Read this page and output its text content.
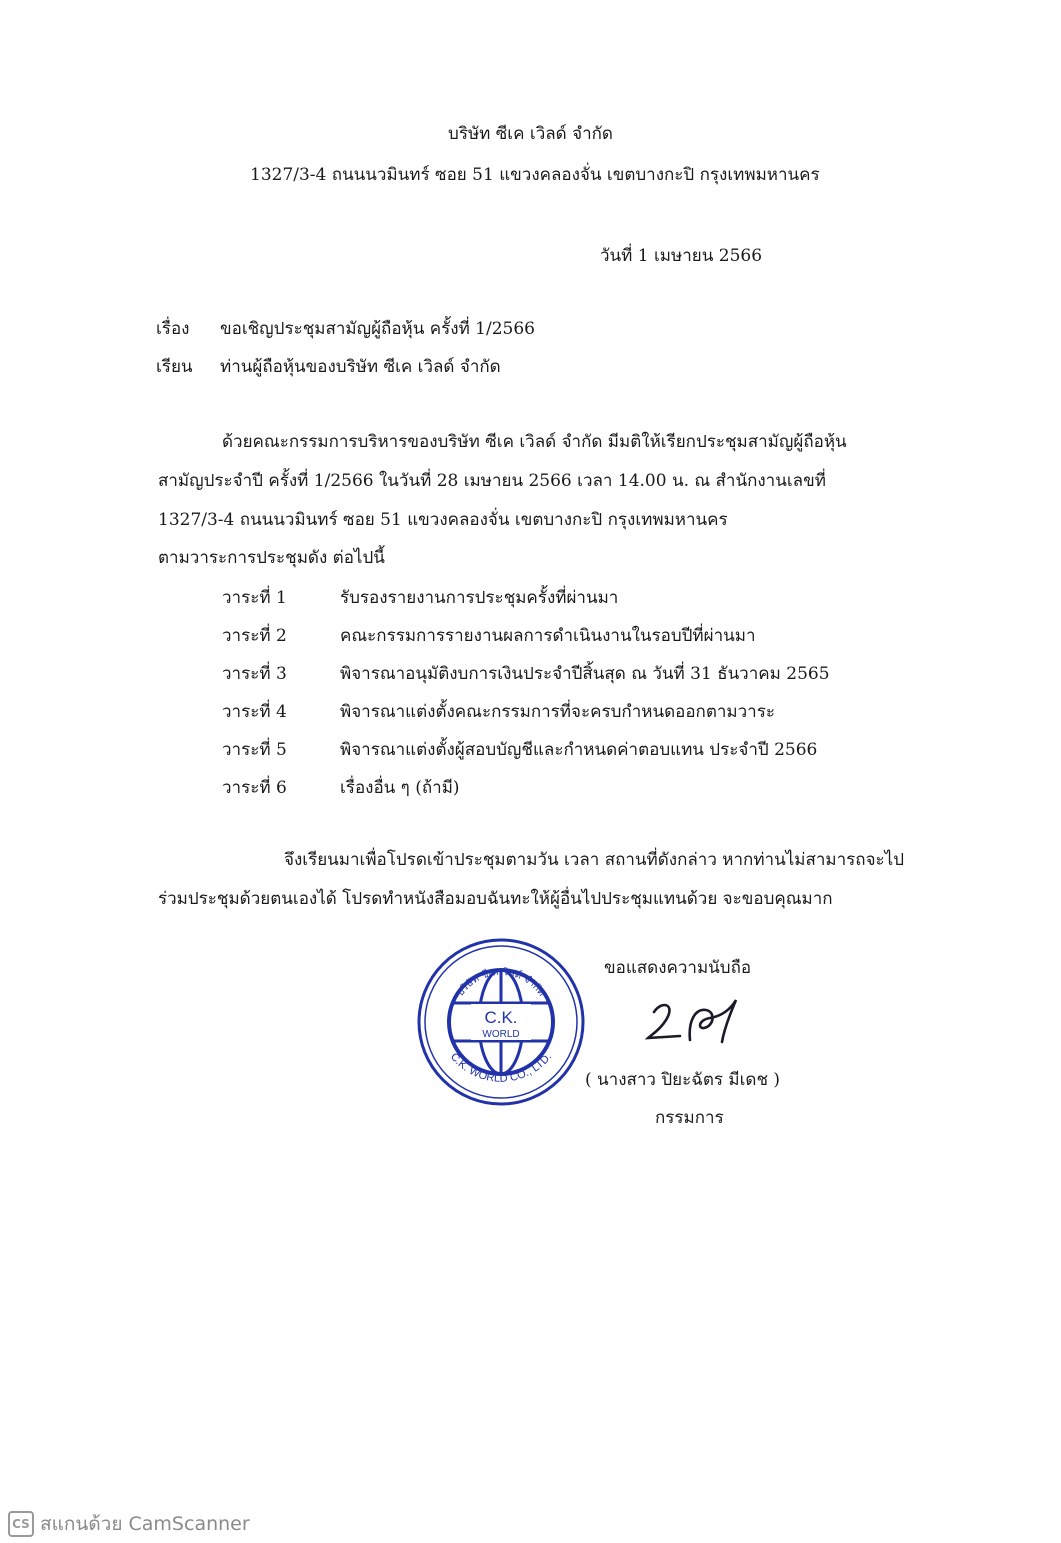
บริษัท ซีเค เวิลด์ จำกัด
1327/3-4 ถนนนวมินทร์ ซอย 51 แขวงคลองจั่น เขตบางกะปิ กรุงเทพมหานคร
วันที่ 1 เมษายน 2566
เรื่อง ขอเชิญประชุมสามัญผู้ถือหุ้น ครั้งที่ 1/2566
เรียน ท่านผู้ถือหุ้นของบริษัท ซีเค เวิลด์ จำกัด
ด้วยคณะกรรมการบริหารของบริษัท ซีเค เวิลด์ จำกัด มีมติให้เรียกประชุมสามัญผู้ถือหุ้น
สามัญประจำปี ครั้งที่ 1/2566 ในวันที่ 28 เมษายน 2566 เวลา 14.00 น. ณ สำนักงานเลขที่
1327/3-4 ถนนนวมินทร์ ซอย 51 แขวงคลองจั่น เขตบางกะปิ กรุงเทพมหานคร
ตามวาระการประชุมดัง ต่อไปนี้
วาระที่ 1	รับรองรายงานการประชุมครั้งที่ผ่านมา
วาระที่ 2	คณะกรรมการรายงานผลการดำเนินงานในรอบปีที่ผ่านมา
วาระที่ 3	พิจารณาอนุมัติงบการเงินประจำปีสิ้นสุด ณ วันที่ 31 ธันวาคม 2565
วาระที่ 4	พิจารณาแต่งตั้งคณะกรรมการที่จะครบกำหนดออกตามวาระ
วาระที่ 5	พิจารณาแต่งตั้งผู้สอบบัญชีและกำหนดค่าตอบแทน ประจำปี 2566
วาระที่ 6	เรื่องอื่น ๆ (ถ้ามี)
จึงเรียนมาเพื่อโปรดเข้าประชุมตามวัน เวลา สถานที่ดังกล่าว หากท่านไม่สามารถจะไป
ร่วมประชุมด้วยตนเองได้ โปรดทำหนังสือมอบฉันทะให้ผู้อื่นไปประชุมแทนด้วย จะขอบคุณมาก
C.K.
WORLD
บริษัท ซีเคเวิลด์ จำกัด
C.K. WORLD CO., LTD.
ขอแสดงความนับถือ
( นางสาว ปิยะฉัตร มีเดช )
กรรมการ
CS สแกนด้วย CamScanner
